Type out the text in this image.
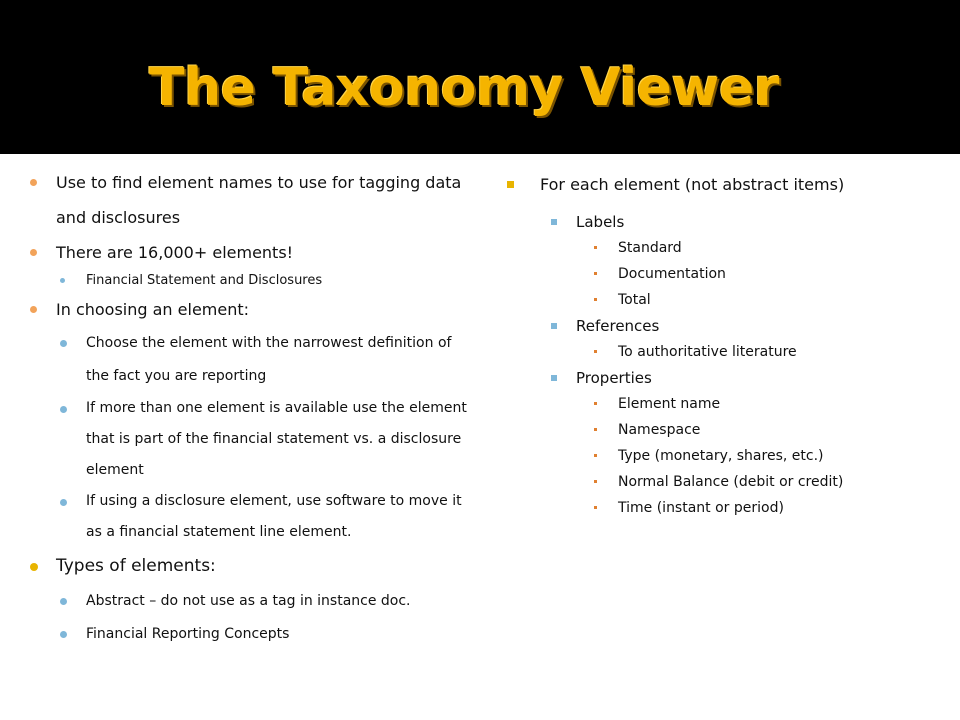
The Taxonomy Viewer
Use to find element names to use for tagging data and disclosures
There are 16,000+ elements!
Financial Statement and Disclosures
In choosing an element:
Choose the element with the narrowest definition of the fact you are reporting
If more than one element is available use the element that is part of the financial statement vs. a disclosure element
If using a disclosure element, use software to move it as a financial statement line element.
Types of elements:
Abstract – do not use as a tag in instance doc.
Financial Reporting Concepts
For each element (not abstract items)
Labels
Standard
Documentation
Total
References
To authoritative literature
Properties
Element name
Namespace
Type (monetary, shares, etc.)
Normal Balance (debit or credit)
Time (instant or period)
